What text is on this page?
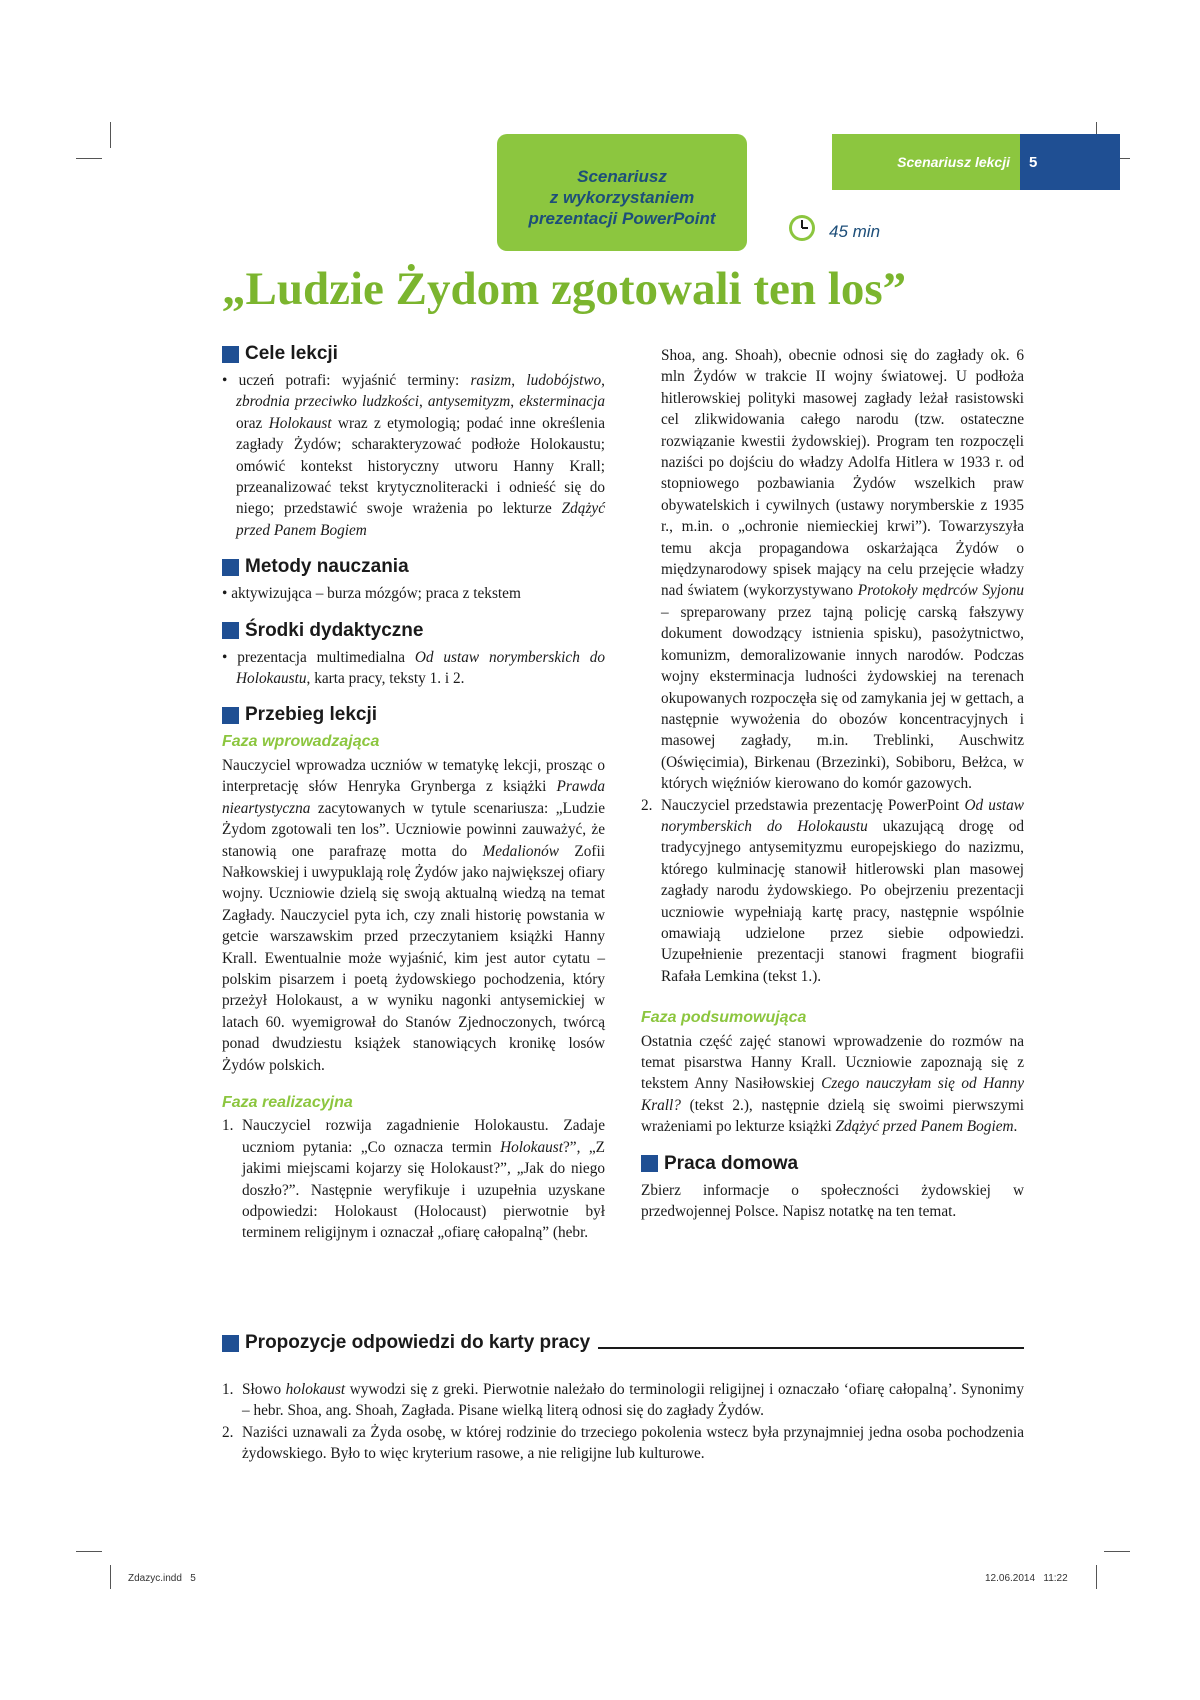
Scenariusz
z wykorzystaniem
prezentacji PowerPoint
Scenariusz lekcji	5
45 min
„Ludzie Żydom zgotowali ten los”
Cele lekcji

• uczeń potrafi: wyjaśnić terminy: rasizm, ludobójstwo, zbrodnia przeciwko ludzkości, antysemityzm, eksterminacja oraz Holokaust wraz z etymologią; podać inne określenia zagłady Żydów; scharakteryzować podłoże Holokaustu; omówić kontekst historyczny utworu Hanny Krall; przeanalizować tekst krytycznoliteracki i odnieść się do niego; przedstawić swoje wrażenia po lekturze Zdążyć przed Panem Bogiem

Metody nauczania

• aktywizująca – burza mózgów; praca z tekstem

Środki dydaktyczne

• prezentacja multimedialna Od ustaw norymberskich do Holokaustu, karta pracy, teksty 1. i 2.

Przebieg lekcji
Faza wprowadzająca

Nauczyciel wprowadza uczniów w tematykę lekcji, prosząc o interpretację słów Henryka Grynberga z książki Prawda nieartystyczna zacytowanych w tytule scenariusza: „Ludzie Żydom zgotowali ten los”. Uczniowie powinni zauważyć, że stanowią one parafrazę motta do Medalionów Zofii Nałkowskiej i uwypuklają rolę Żydów jako największej ofiary wojny. Uczniowie dzielą się swoją aktualną wiedzą na temat Zagłady. Nauczyciel pyta ich, czy znali historię powstania w getcie warszawskim przed przeczytaniem książki Hanny Krall. Ewentualnie może wyjaśnić, kim jest autor cytatu – polskim pisarzem i poetą żydowskiego pochodzenia, który przeżył Holokaust, a w wyniku nagonki antysemickiej w latach 60. wyemigrował do Stanów Zjednoczonych, twórcą ponad dwudziestu książek stanowiących kronikę losów Żydów polskich.

Faza realizacyjna
1. Nauczyciel rozwija zagadnienie Holokaustu. Zadaje uczniom pytania: „Co oznacza termin Holokaust?”, „Z jakimi miejscami kojarzy się Holokaust?”, „Jak do niego doszło?”. Następnie weryfikuje i uzupełnia uzyskane odpowiedzi: Holokaust (Holocaust) pierwotnie był terminem religijnym i oznaczał „ofiarę całopalną” (hebr.

Shoa, ang. Shoah), obecnie odnosi się do zagłady ok. 6 mln Żydów w trakcie II wojny światowej. U podłoża hitlerowskiej polityki masowej zagłady leżał rasistowski cel zlikwidowania całego narodu (tzw. ostateczne rozwiązanie kwestii żydowskiej). Program ten rozpoczęli naziści po dojściu do władzy Adolfa Hitlera w 1933 r. od stopniowego pozbawiania Żydów wszelkich praw obywatelskich i cywilnych (ustawy norymberskie z 1935 r., m.in. o „ochronie niemieckiej krwi”). Towarzyszyła temu akcja propagandowa oskarżająca Żydów o międzynarodowy spisek mający na celu przejęcie władzy nad światem (wykorzystywano Protokoły mędrców Syjonu – spreparowany przez tajną policję carską fałszywy dokument dowodzący istnienia spisku), pasożytnictwo, komunizm, demoralizowanie innych narodów. Podczas wojny eksterminacja ludności żydowskiej na terenach okupowanych rozpoczęła się od zamykania jej w gettach, a następnie wywożenia do obozów koncentracyjnych i masowej zagłady, m.in. Treblinki, Auschwitz (Oświęcimia), Birkenau (Brzezinki), Sobiboru, Bełżca, w których więźniów kierowano do komór gazowych.

2. Nauczyciel przedstawia prezentację PowerPoint Od ustaw norymberskich do Holokaustu ukazującą drogę od tradycyjnego antysemityzmu europejskiego do nazizmu, którego kulminację stanowił hitlerowski plan masowej zagłady narodu żydowskiego. Po obejrzeniu prezentacji uczniowie wypełniają kartę pracy, następnie wspólnie omawiają udzielone przez siebie odpowiedzi. Uzupełnienie prezentacji stanowi fragment biografii Rafała Lemkina (tekst 1.).
Faza podsumowująca

Ostatnia część zajęć stanowi wprowadzenie do rozmów na temat pisarstwa Hanny Krall. Uczniowie zapoznają się z tekstem Anny Nasiłowskiej Czego nauczyłam się od Hanny Krall? (tekst 2.), następnie dzielą się swoimi pierwszymi wrażeniami po lekturze książki Zdążyć przed Panem Bogiem.

Praca domowa

Zbierz informacje o społeczności żydowskiej w przedwojennej Polsce. Napisz notatkę na ten temat.

Propozycje odpowiedzi do karty pracy
1. Słowo holokaust wywodzi się z greki. Pierwotnie należało do terminologii religijnej i oznaczało ‘ofiarę całopalną’. Synonimy – hebr. Shoa, ang. Shoah, Zagłada. Pisane wielką literą odnosi się do zagłady Żydów.
2. Naziści uznawali za Żyda osobę, w której rodzinie do trzeciego pokolenia wstecz była przynajmniej jedna osoba pochodzenia żydowskiego. Było to więc kryterium rasowe, a nie religijne lub kulturowe.
Zdazyc.indd   5	12.06.2014   11:22
